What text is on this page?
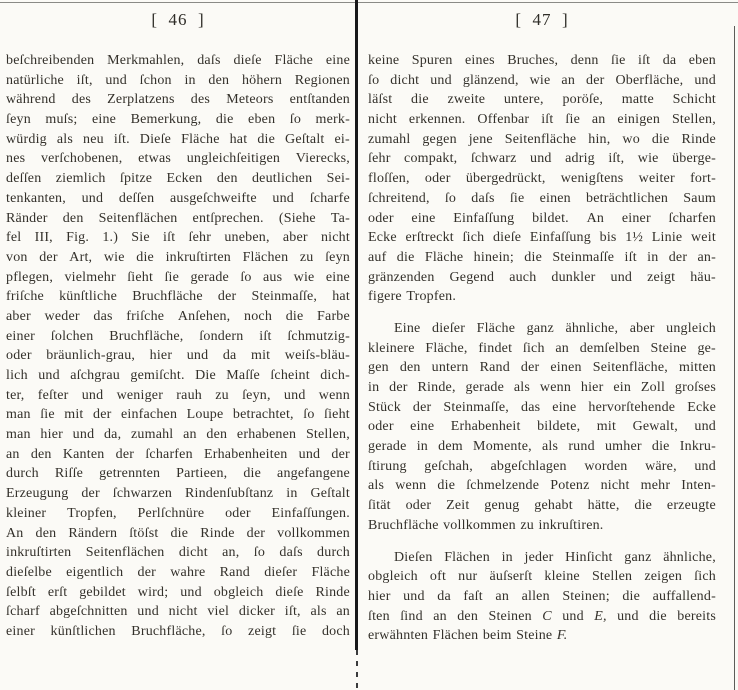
[  46  ]
beſchreibenden Merkmahlen, daſs dieſe Fläche eine
natürliche iſt, und ſchon in den höhern Regionen
während des Zerplatzens des Meteors entſtanden
ſeyn muſs; eine Bemerkung, die eben ſo merk-
würdig als neu iſt. Dieſe Fläche hat die Geſtalt ei-
nes verſchobenen, etwas ungleichſeitigen Vierecks,
deſſen ziemlich ſpitze Ecken den deutlichen Sei-
tenkanten, und deſſen ausgeſchweifte und ſcharfe
Ränder den Seitenflächen entſprechen. (Siehe Ta-
fel III, Fig. 1.) Sie iſt ſehr uneben, aber nicht
von der Art, wie die inkruſtirten Flächen zu ſeyn
pflegen, vielmehr ſieht ſie gerade ſo aus wie eine
friſche künſtliche Bruchfläche der Steinmaſſe, hat
aber weder das friſche Anſehen, noch die Farbe
einer ſolchen Bruchfläche, ſondern iſt ſchmutzig-
oder bräunlich-grau, hier und da mit weiſs-bläu-
lich und aſchgrau gemiſcht. Die Maſſe ſcheint dich-
ter, feſter und weniger rauh zu ſeyn, und wenn
man ſie mit der einfachen Loupe betrachtet, ſo ſieht
man hier und da, zumahl an den erhabenen Stellen,
an den Kanten der ſcharfen Erhabenheiten und der
durch Riſſe getrennten Partieen, die angefangene
Erzeugung der ſchwarzen Rindenſubſtanz in Geſtalt
kleiner Tropfen, Perlſchnüre oder Einfaſſungen.
An den Rändern ſtöſst die Rinde der vollkommen
inkruſtirten Seitenflächen dicht an, ſo daſs durch
dieſelbe eigentlich der wahre Rand dieſer Fläche
ſelbſt erſt gebildet wird; und obgleich dieſe Rinde
ſcharf abgeſchnitten und nicht viel dicker iſt, als an
einer künſtlichen Bruchfläche, ſo zeigt ſie doch
[  47  ]
keine Spuren eines Bruches, denn ſie iſt da eben
ſo dicht und glänzend, wie an der Oberfläche, und
läſst die zweite untere, poröſe, matte Schicht
nicht erkennen. Offenbar iſt ſie an einigen Stellen,
zumahl gegen jene Seitenfläche hin, wo die Rinde
ſehr compakt, ſchwarz und adrig iſt, wie überge-
floſſen, oder übergedrückt, wenigſtens weiter fort-
ſchreitend, ſo daſs ſie einen beträchtlichen Saum
oder eine Einfaſſung bildet. An einer ſcharfen
Ecke erſtreckt ſich dieſe Einfaſſung bis 1½ Linie weit
auf die Fläche hinein; die Steinmaſſe iſt in der an-
gränzenden Gegend auch dunkler und zeigt häu-
figere Tropfen.
Eine dieſer Fläche ganz ähnliche, aber ungleich
kleinere Fläche, findet ſich an demſelben Steine ge-
gen den untern Rand der einen Seitenfläche, mitten
in der Rinde, gerade als wenn hier ein Zoll groſses
Stück der Steinmaſſe, das eine hervorſtehende Ecke
oder eine Erhabenheit bildete, mit Gewalt, und
gerade in dem Momente, als rund umher die Inkru-
ſtirung geſchah, abgeſchlagen worden wäre, und
als wenn die ſchmelzende Potenz nicht mehr Inten-
ſität oder Zeit genug gehabt hätte, die erzeugte
Bruchfläche vollkommen zu inkruſtiren.
Dieſen Flächen in jeder Hinſicht ganz ähnliche,
obgleich oft nur äuſserſt kleine Stellen zeigen ſich
hier und da faſt an allen Steinen; die auffallend-
ſten ſind an den Steinen C und E, und die bereits
erwähnten Flächen beim Steine F.
